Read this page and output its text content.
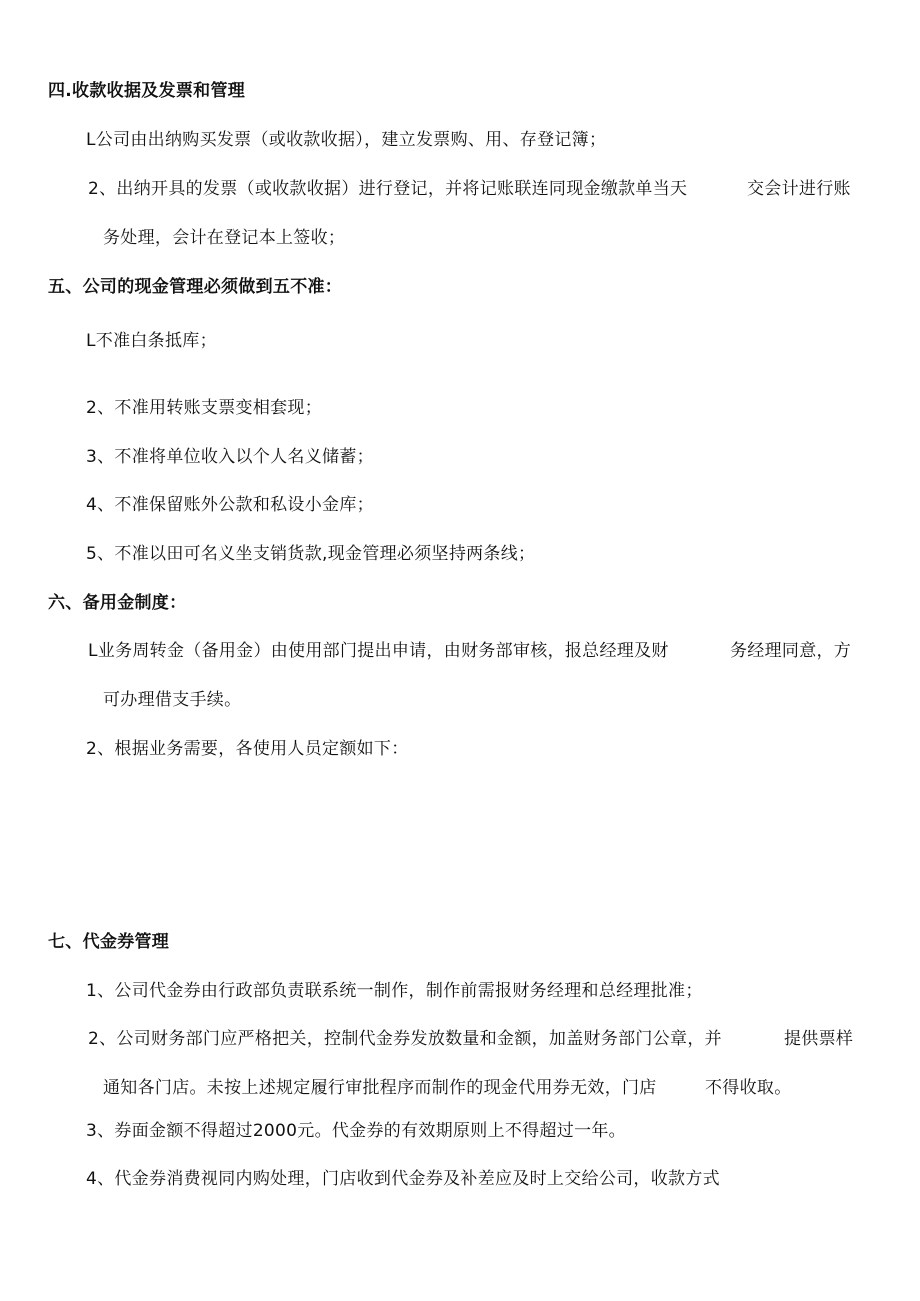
四.收款收据及发票和管理
L公司由出纳购买发票（或收款收据），建立发票购、用、存登记簿；
2、出纳开具的发票（或收款收据）进行登记，并将记账联连同现金缴款单当天	交会计进行账
务处理，会计在登记本上签收；
五、公司的现金管理必须做到五不准：
L不准白条抵库；
2、不准用转账支票变相套现；
3、不准将单位收入以个人名义储蓄；
4、不准保留账外公款和私设小金库；
5、不准以田可名义坐支销货款,现金管理必须坚持两条线；
六、备用金制度：
L业务周转金（备用金）由使用部门提出申请，由财务部审核，报总经理及财	务经理同意，方
可办理借支手续。
2、根据业务需要，各使用人员定额如下：
七、代金券管理
1、公司代金券由行政部负责联系统一制作，制作前需报财务经理和总经理批准；
2、公司财务部门应严格把关，控制代金券发放数量和金额，加盖财务部门公章，并	提供票样
通知各门店。未按上述规定履行审批程序而制作的现金代用券无效，门店	不得收取。
3、券面金额不得超过2000元。代金券的有效期原则上不得超过一年。
4、代金券消费视同内购处理，门店收到代金券及补差应及时上交给公司，收款方式
